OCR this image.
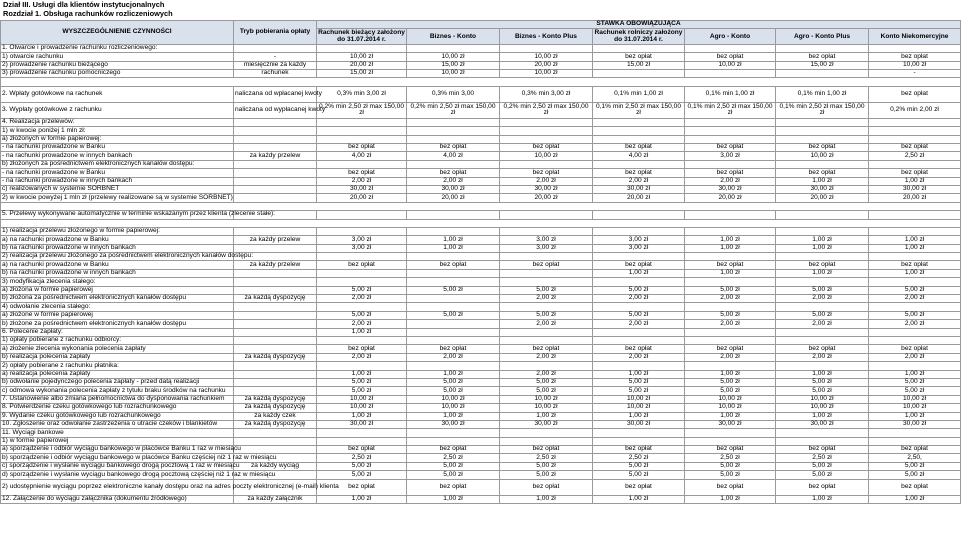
Dział III. Usługi dla klientów instytucjonalnych
Rozdział 1. Obsługa rachunków rozliczeniowych
WYSZCZEGÓLNIENIE CZYNNOŚCI	Tryb pobierania opłaty	STAWKA OBOWIĄZUJĄCA						
		Rachunek bieżący założony do 31.07.2014 r.	Biznes - Konto	Biznes - Konto Plus	Rachunek rolniczy założony do 31.07.2014 r.	Agro - Konto	Agro - Konto Plus	Konto Niekomercyjne
1. Otwarcie i prowadzenie rachunku rozliczeniowego:								
1) otwarcie rachunku	-	10,00 zł	10,00 zł	10,00 zł	bez opłat	bez opłat	bez opłat	bez opłat
2) prowadzenie rachunku bieżącego	miesięcznie za każdy	20,00 zł	15,00 zł	20,00 zł	15,00 zł	10,00 zł	15,00 zł	10,00 zł
3) prowadzenie rachunku pomocniczego	rachunek	15,00 zł	10,00 zł	10,00 zł				-

2. Wpłaty gotówkowe na rachunek	naliczana od wpłacanej kwoty	0,3% min 3,00 zł	0,3% min 3,00	0,3% min 3,00 zł	0,1% min 1,00 zł	0,1% min 1,00 zł	0,1% min 1,00 zł	bez opłat
3. Wypłaty gotówkowe z rachunku	naliczana od wypłacanej kwoty	0,2% min 2,50 zł max 150,00 zł	0,2% min 2,50 zł max 150,00 zł	0,2% min 2,50 zł max 150,00 zł	0,1% min 2,50 zł max 150,00 zł	0,1% min 2,50 zł max 150,00 zł	0,1% min 2,50 zł max 150,00 zł	0,2% min 2,00 zł
4. Realizacja przelewów:								
1) w kwocie poniżej 1 mln zł:								
a) złożonych w formie papierowej:								
- na rachunki prowadzone w Banku		bez opłat	bez opłat	bez opłat	bez opłat	bez opłat	bez opłat	bez opłat
- na rachunki prowadzone w innych bankach	za każdy przelew	4,00 zł	4,00 zł	10,00 zł	4,00 zł	3,00 zł	10,00 zł	2,50 zł
b) złożonych za pośrednictwem elektronicznych kanałów dostępu:								
- na rachunki prowadzone w Banku		bez opłat	bez opłat	bez opłat	bez opłat	bez opłat	bez opłat	bez opłat
- na rachunki prowadzone w innych bankach		2,00 zł	2,00 zł	2,00 zł	2,00 zł	2,00 zł	1,00 zł	1,00 zł
c) realizowanych w systemie SORBNET		30,00 zł	30,00 zł	30,00 zł	30,00 zł	30,00 zł	30,00 zł	30,00 zł
2) w kwocie powyżej 1 mln zł (przelewy realizowane są w systemie SORBNET)		20,00 zł	20,00 zł	20,00 zł	20,00 zł	20,00 zł	20,00 zł	20,00 zł

5. Przelewy wykonywane automatycznie w terminie wskazanym przez klienta (zlecenie stałe):								

1) realizacja przelewu złożonego w formie papierowej:								
a) na rachunki prowadzone w Banku	za każdy przelew	3,00 zł	1,00 zł	3,00 zł	3,00 zł	1,00 zł	1,00 zł	1,00 zł
b) na rachunki prowadzone w innych bankach		3,00 zł	1,00 zł	3,00 zł	3,00 zł	1,00 zł	1,00 zł	1,00 zł
2) realizacja przelewu złożonego za pośrednictwem elektronicznych kanałów dostępu:								
a) na rachunki prowadzone w Banku	za każdy przelew	bez opłat	bez opłat	bez opłat	bez opłat	bez opłat	bez opłat	bez opłat
b) na rachunki prowadzone w innych bankach					1,00 zł	1,00 zł	1,00 zł	1,00 zł
3) modyfikacja zlecenia stałego:								
a) złożona w formie papierowej		5,00 zł	5,00 zł	5,00 zł	5,00 zł	5,00 zł	5,00 zł	5,00 zł
b) złożona za pośrednictwem elektronicznych kanałów dostępu	za każdą dyspozycję	2,00 zł		2,00 zł	2,00 zł	2,00 zł	2,00 zł	2,00 zł
4) odwołanie zlecenia stałego:								
a) złożone w formie papierowej		5,00 zł	5,00 zł	5,00 zł	5,00 zł	5,00 zł	5,00 zł	5,00 zł
b) złożone za pośrednictwem elektronicznych kanałów dostępu		2,00 zł		2,00 zł	2,00 zł	2,00 zł	2,00 zł	2,00 zł
6. Polecenie zapłaty:		1,00 zł						
1) opłaty pobierane z rachunku odbiorcy:								
a) złożenie zlecenia wykonania polecenia zapłaty		bez opłat	bez opłat	bez opłat	bez opłat	bez opłat	bez opłat	bez opłat
b) realizacja polecenia zapłaty	za każdą dyspozycję	2,00 zł	2,00 zł	2,00 zł	2,00 zł	2,00 zł	2,00 zł	2,00 zł
2) opłaty pobierane z rachunku płatnika:								
a) realizacja polecenia zapłaty		1,00 zł	1,00 zł	2,00 zł	1,00 zł	1,00 zł	1,00 zł	1,00 zł
b) odwołanie pojedynczego polecenia zapłaty - przed datą realizacji		5,00 zł	5,00 zł	5,00 zł	5,00 zł	5,00 zł	5,00 zł	5,00 zł
c) odmowa wykonania polecenia zapłaty z tytułu braku środków na rachunku		5,00 zł	5,00 zł	5,00 zł	5,00 zł	5,00 zł	5,00 zł	5,00 zł
7. Ustanowienie albo zmiana pełnomocnictwa do dysponowania rachunkiem	za każdą dyspozycję	10,00 zł	10,00 zł	10,00 zł	10,00 zł	10,00 zł	10,00 zł	10,00 zł
8. Potwierdzenie czeku gotówkowego lub rozrachunkowego	za każdą dyspozycję	10,00 zł	10,00 zł	10,00 zł	10,00 zł	10,00 zł	10,00 zł	10,00 zł
9. Wydanie czeku gotówkowego lub rozrachunkowego	za każdy czek	1,00 zł	1,00 zł	1,00 zł	1,00 zł	1,00 zł	1,00 zł	1,00 zł
10. Zgłoszenie oraz odwołanie zastrzeżenia o utracie czeków i blankietów	za każdą dyspozycję	30,00 zł	30,00 zł	30,00 zł	30,00 zł	30,00 zł	30,00 zł	30,00 zł
11. Wyciągi bankowe								
1) w formie papierowej								
a) sporządzenie i odbiór wyciągu bankowego w placówce Banku 1 raz w miesiącu		bez opłat	bez opłat	bez opłat	bez opłat	bez opłat	bez opłat	bez opłat
b) sporządzenie i odbiór wyciągu bankowego w placówce Banku częściej niż 1 raz w miesiącu		2,50 zł	2,50 zł	2,50 zł	2,50 zł	2,50 zł	2,50 zł	2,50,
c) sporządzenie i wysłanie wyciągu bankowego drogą pocztową 1 raz w miesiącu	za każdy wyciąg	5,00 zł	5,00 zł	5,00 zł	5,00 zł	5,00 zł	5,00 zł	5,00 zł
d) sporządzenie i wysłanie wyciągu bankowego drogą pocztową częściej niż 1 raz w miesiącu		5,00 zł	5,00 zł	5,00 zł	5,00 zł	5,00 zł	5,00 zł	5,00 zł
2) udostępnienie wyciągu poprzez elektroniczne kanały dostępu oraz na adres poczty elektronicznej (e-mail) klienta		bez opłat	bez opłat	bez opłat	bez opłat	bez opłat	bez opłat	bez opłat
12. Załączenie do wyciągu załącznika (dokumentu źródłowego)	za każdy załącznik	1,00 zł	1,00 zł	1,00 zł	1,00 zł	1,00 zł	1,00 zł	1,00 zł
